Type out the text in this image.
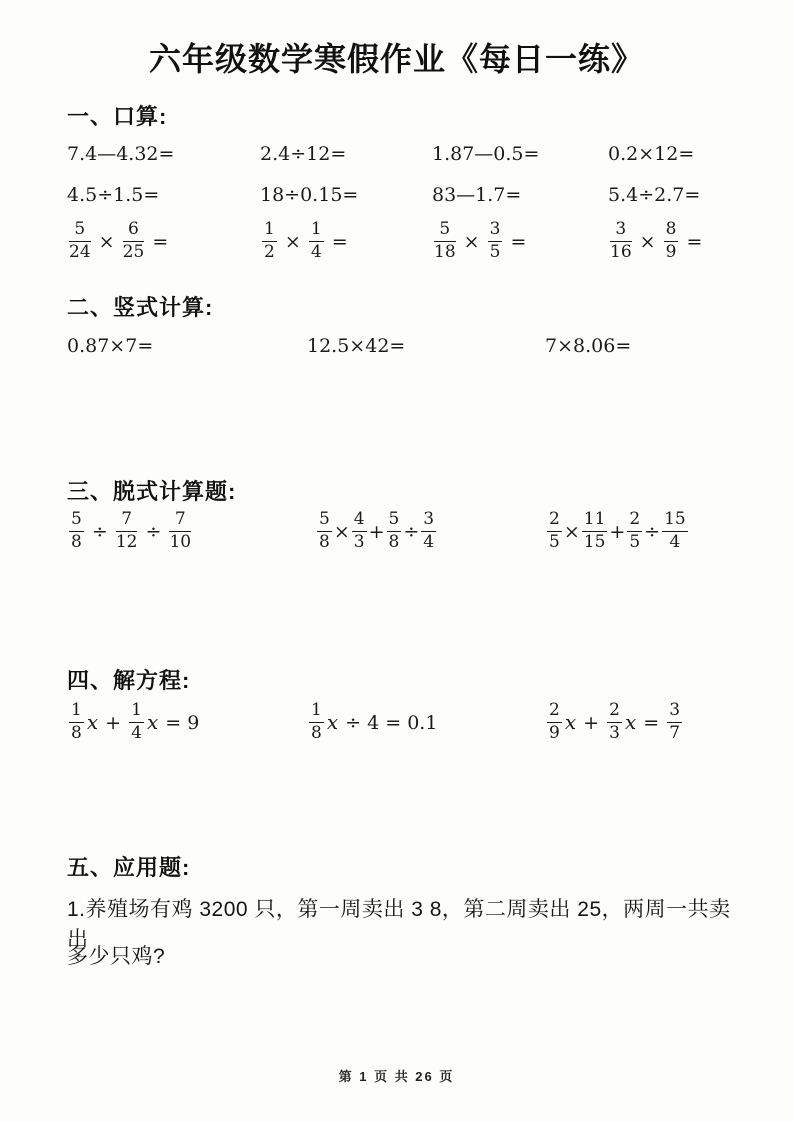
六年级数学寒假作业《每日一练》
一、口算:
7.4—4.32=	2.4÷12=	1.87—0.5=	0.2×12=
4.5÷1.5=	18÷0.15=	83—1.7=	5.4÷2.7=
$\frac{5}{24} \times \frac{6}{25}$ =	$\frac{1}{2} \times \frac{1}{4}$ =	$\frac{5}{18} \times \frac{3}{5}$ =	$\frac{3}{16} \times \frac{8}{9}$ =
二、竖式计算:
0.87×7=	12.5×42=	7×8.06=
三、脱式计算题:
$\frac{5}{8} \div \frac{7}{12} \div \frac{7}{10}$	$\frac{5}{8} \times \frac{4}{3} + \frac{5}{8} \div \frac{3}{4}$	$\frac{2}{5} \times \frac{11}{15} + \frac{2}{5} \div \frac{15}{4}$
四、解方程:
$\frac{1}{8}$ $x + \frac{1}{4}$ x = 9	$\frac{1}{8}$ x ÷ 4 = 0.1	$\frac{2}{9}$ $x + \frac{2}{3}$ $x = \frac{3}{7}$
五、应用题:
1.养殖场有鸡 3200 只，第一周卖出 3 8，第二周卖出 25，两周一共卖出
多少只鸡?
第 1 页 共 26 页
